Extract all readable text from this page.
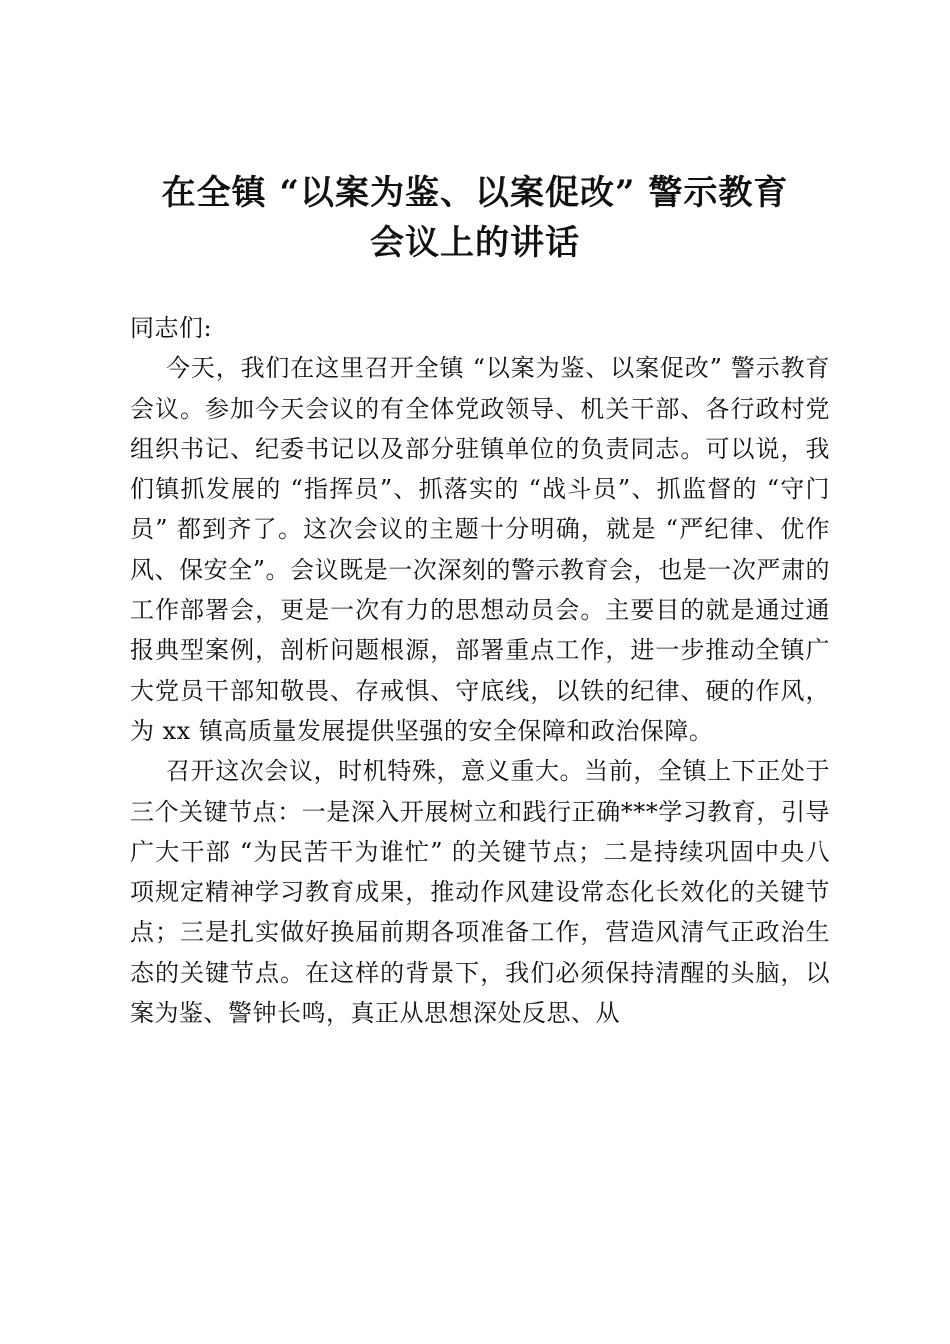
在全镇 “以案为鉴、以案促改” 警示教育
会议上的讲话

同志们:

今天，我们在这里召开全镇 “以案为鉴、以案促改” 警示教育会议。参加今天会议的有全体党政领导、机关干部、各行政村党组织书记、纪委书记以及部分驻镇单位的负责同志。可以说，我们镇抓发展的 “指挥员”、抓落实的 “战斗员”、抓监督的 “守门员” 都到齐了。这次会议的主题十分明确，就是 “严纪律、优作风、保安全”。会议既是一次深刻的警示教育会，也是一次严肃的工作部署会，更是一次有力的思想动员会。主要目的就是通过通报典型案例，剖析问题根源，部署重点工作，进一步推动全镇广大党员干部知敬畏、存戒惧、守底线，以铁的纪律、硬的作风，为 xx 镇高质量发展提供坚强的安全保障和政治保障。

召开这次会议，时机特殊，意义重大。当前，全镇上下正处于三个关键节点：一是深入开展树立和践行正确***学习教育，引导广大干部 “为民苦干为谁忙” 的关键节点；二是持续巩固中央八项规定精神学习教育成果，推动作风建设常态化长效化的关键节点；三是扎实做好换届前期各项准备工作，营造风清气正政治生态的关键节点。在这样的背景下，我们必须保持清醒的头脑，以案为鉴、警钟长鸣，真正从思想深处反思、从
